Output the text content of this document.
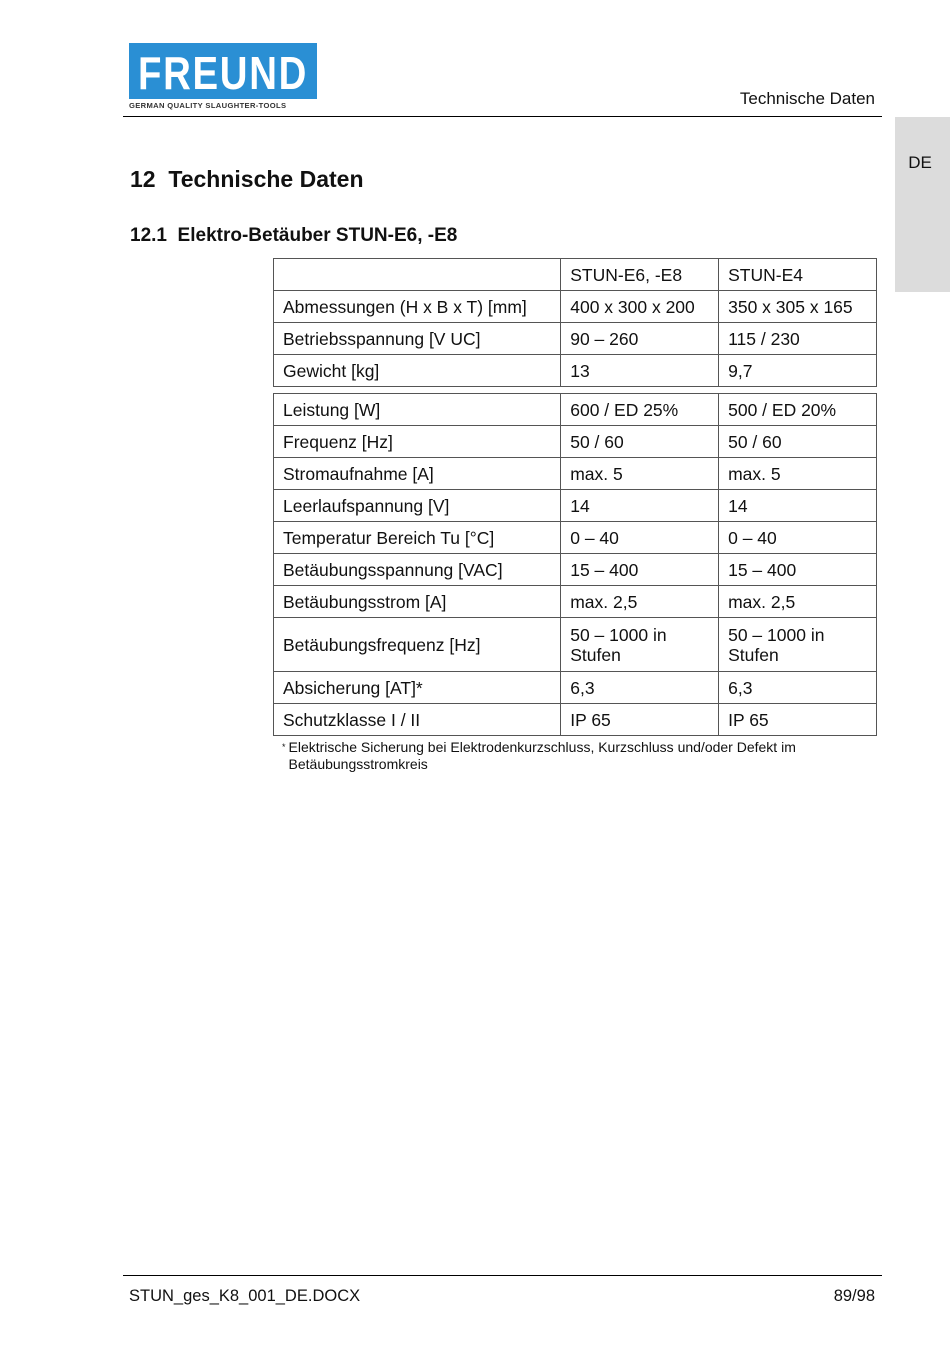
FREUND
GERMAN QUALITY SLAUGHTER-TOOLS	Technische Daten
DE
12 Technische Daten
12.1 Elektro-Betäuber STUN-E6, -E8
	STUN-E6, -E8	STUN-E4
Abmessungen (H x B x T) [mm]	400 x 300 x 200	350 x 305 x 165
Betriebsspannung [V UC]	90 – 260	115 / 230
Gewicht [kg]	13	9,7
Leistung [W]	600 / ED 25%	500 / ED 20%
Frequenz [Hz]	50 / 60	50 / 60
Stromaufnahme [A]	max. 5	max. 5
Leerlaufspannung [V]	14	14
Temperatur Bereich Tu [°C]	0 – 40	0 – 40
Betäubungsspannung [VAC]	15 – 400	15 – 400
Betäubungsstrom [A]	max. 2,5	max. 2,5
Betäubungsfrequenz [Hz]	50 – 1000 in Stufen	50 – 1000 in Stufen
Absicherung [AT]*	6,3	6,3
Schutzklasse I / II	IP 65	IP 65
* Elektrische Sicherung bei Elektrodenkurzschluss, Kurzschluss und/oder Defekt im Betäubungsstromkreis
STUN_ges_K8_001_DE.DOCX	89/98
